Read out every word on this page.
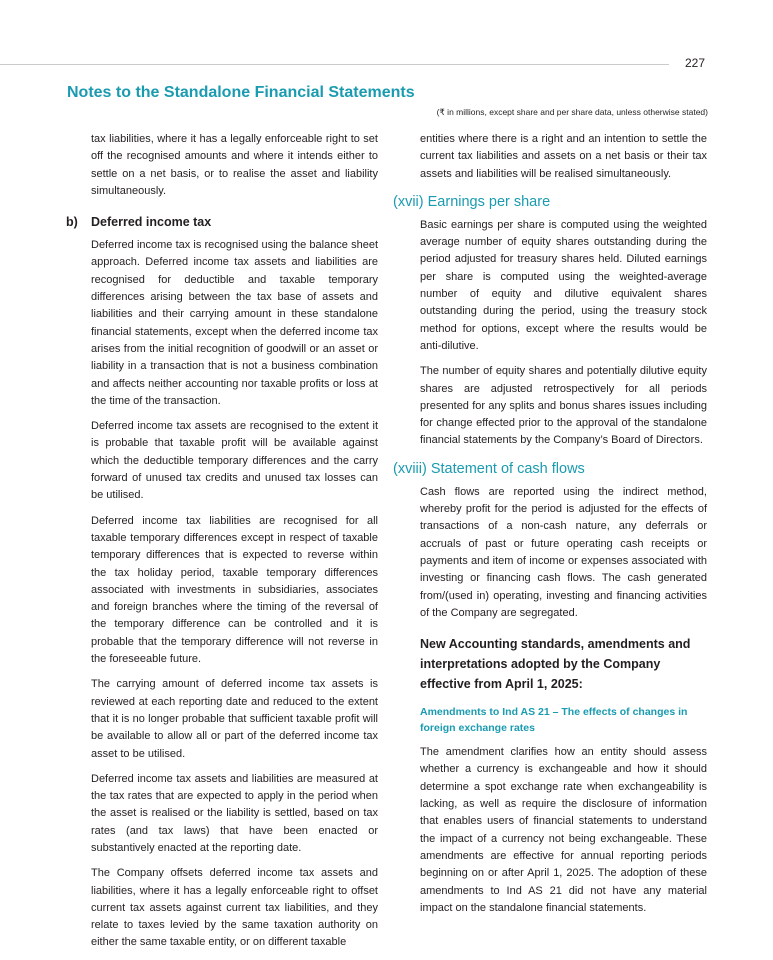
227
Notes to the Standalone Financial Statements
(₹ in millions, except share and per share data, unless otherwise stated)

tax liabilities, where it has a legally enforceable right to set off the recognised amounts and where it intends either to settle on a net basis, or to realise the asset and liability simultaneously.

b) Deferred income tax

Deferred income tax is recognised using the balance sheet approach. Deferred income tax assets and liabilities are recognised for deductible and taxable temporary differences arising between the tax base of assets and liabilities and their carrying amount in these standalone financial statements, except when the deferred income tax arises from the initial recognition of goodwill or an asset or liability in a transaction that is not a business combination and affects neither accounting nor taxable profits or loss at the time of the transaction.

Deferred income tax assets are recognised to the extent it is probable that taxable profit will be available against which the deductible temporary differences and the carry forward of unused tax credits and unused tax losses can be utilised.

Deferred income tax liabilities are recognised for all taxable temporary differences except in respect of taxable temporary differences that is expected to reverse within the tax holiday period, taxable temporary differences associated with investments in subsidiaries, associates and foreign branches where the timing of the reversal of the temporary difference can be controlled and it is probable that the temporary difference will not reverse in the foreseeable future.

The carrying amount of deferred income tax assets is reviewed at each reporting date and reduced to the extent that it is no longer probable that sufficient taxable profit will be available to allow all or part of the deferred income tax asset to be utilised.

Deferred income tax assets and liabilities are measured at the tax rates that are expected to apply in the period when the asset is realised or the liability is settled, based on tax rates (and tax laws) that have been enacted or substantively enacted at the reporting date.

The Company offsets deferred income tax assets and liabilities, where it has a legally enforceable right to offset current tax assets against current tax liabilities, and they relate to taxes levied by the same taxation authority on either the same taxable entity, or on different taxable

entities where there is a right and an intention to settle the current tax liabilities and assets on a net basis or their tax assets and liabilities will be realised simultaneously.

(xvii) Earnings per share

Basic earnings per share is computed using the weighted average number of equity shares outstanding during the period adjusted for treasury shares held. Diluted earnings per share is computed using the weighted-average number of equity and dilutive equivalent shares outstanding during the period, using the treasury stock method for options, except where the results would be anti-dilutive.

The number of equity shares and potentially dilutive equity shares are adjusted retrospectively for all periods presented for any splits and bonus shares issues including for change effected prior to the approval of the standalone financial statements by the Company’s Board of Directors.

(xviii) Statement of cash flows

Cash flows are reported using the indirect method, whereby profit for the period is adjusted for the effects of transactions of a non-cash nature, any deferrals or accruals of past or future operating cash receipts or payments and item of income or expenses associated with investing or financing cash flows. The cash generated from/(used in) operating, investing and financing activities of the Company are segregated.

New Accounting standards, amendments and interpretations adopted by the Company effective from April 1, 2025:
Amendments to Ind AS 21 – The effects of changes in foreign exchange rates

The amendment clarifies how an entity should assess whether a currency is exchangeable and how it should determine a spot exchange rate when exchangeability is lacking, as well as require the disclosure of information that enables users of financial statements to understand the impact of a currency not being exchangeable. These amendments are effective for annual reporting periods beginning on or after April 1, 2025. The adoption of these amendments to Ind AS 21 did not have any material impact on the standalone financial statements.
